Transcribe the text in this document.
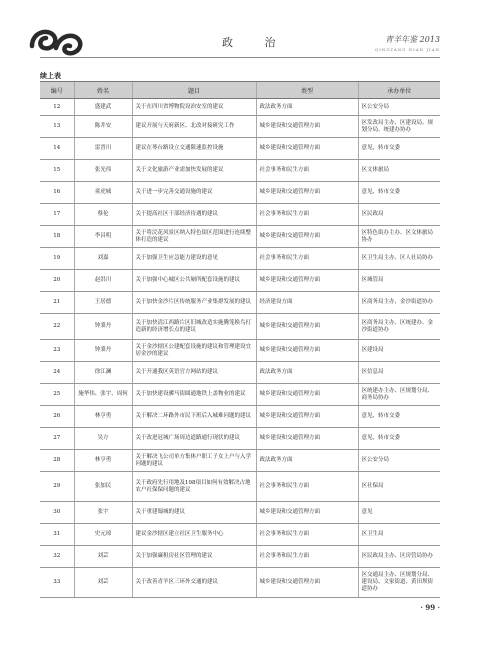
政 治	青羊年鉴 2013
QINGYANG NIAN JIAN
续上表
编号	姓名	题目	类型	承办单位
12	盛建武	关于在四川省博物院设治安室的建议	政法政务方面	区公安分局
13	陈井安	建议开展与天府新区、北改对接研究工作	城乡建设和交通管理方面	区发改局主办、区建设局、规划分局、统建办协办
14	雷晋川	建议在琴台路设立交通限速监控设施	城乡建设和交通管理方面	意见，转市交委
15	张光伟	关于文化旅游产业需加快发展的建议	社会事务和民生方面	区文体旅局
16	童虎城	关于进一步完善交通设施的建议	城乡建设和交通管理方面	意见，转市交委
17	蔡伦	关于提高社区干部经济待遇的建议	社会事务和民生方面	区民政局
18	李昌明	关于将浣花风景区纳入特色街区范围进行连续整体打造的建议	城乡建设和交通管理方面	区特色街办主办、区文体旅局协办
19	刘嘉	关于加强卫生应急能力建设的意见	社会事务和民生方面	区卫生局主办、区人社局协办
20	赵洪川	关于加强中心城区公共厕所配套设施的建议	城乡建设和交通管理方面	区城管局
21	王居德	关于加快金沙片区传统服务产业集群发展的建议	经济建设方面	区商务局主办，金沙街道协办
22	钟秉丹	关于加快清江西路片区旧城改造实施腾笼换鸟打造新的经济增长点的建议	城乡建设和交通管理方面	区商务局主办、区统建办、金沙街道协办
23	钟秉丹	关于金沙辖区公建配套设施的建议和管理建设宜居金沙的建议	城乡建设和交通管理方面	区建设局
24	徐江澜	关于开通我区英语官方网站的建议	政法政务方面	区信息局
25	施华伟、张宇、周何	关于加快建设骡马街圆通地铁上盖物业的建议	城乡建设和交通管理方面	区统建办主办、区规划分局、商务局协办
26	林亨勇	关于解决二环路外市民下班后入城难问题的建议	城乡建设和交通管理方面	意见，转市交委
27	吴方	关于改进冠城广场周边道路通行现状的建议	城乡建设和交通管理方面	意见，转市交委
28	林亨勇	关于解决飞公司单方集体户职工子女上户与入学问题的建议	政法政务方面	区公安分局
29	张加民	关于政府先行用地及198项目如何有效解决占地农户社保保问题的建议	社会事务和民生方面	区社保局
30	张宇	关于重建蜀城的建议	城乡建设和交通管理方面	意见
31	史元琼	建议金沙辖区建立社区卫生服务中心	社会事务和民生方面	区卫生局
32	刘芸	关于加强廉租房社区管理的建议	社会事务和民生方面	区民政局主办、区房管局协办
33	刘芸	关于改善青羊区三环外交通的建议	城乡建设和交通管理方面	区交通局主办、区规划分局、建设局、文家街道、黄田坝街道协办
· 99 ·
